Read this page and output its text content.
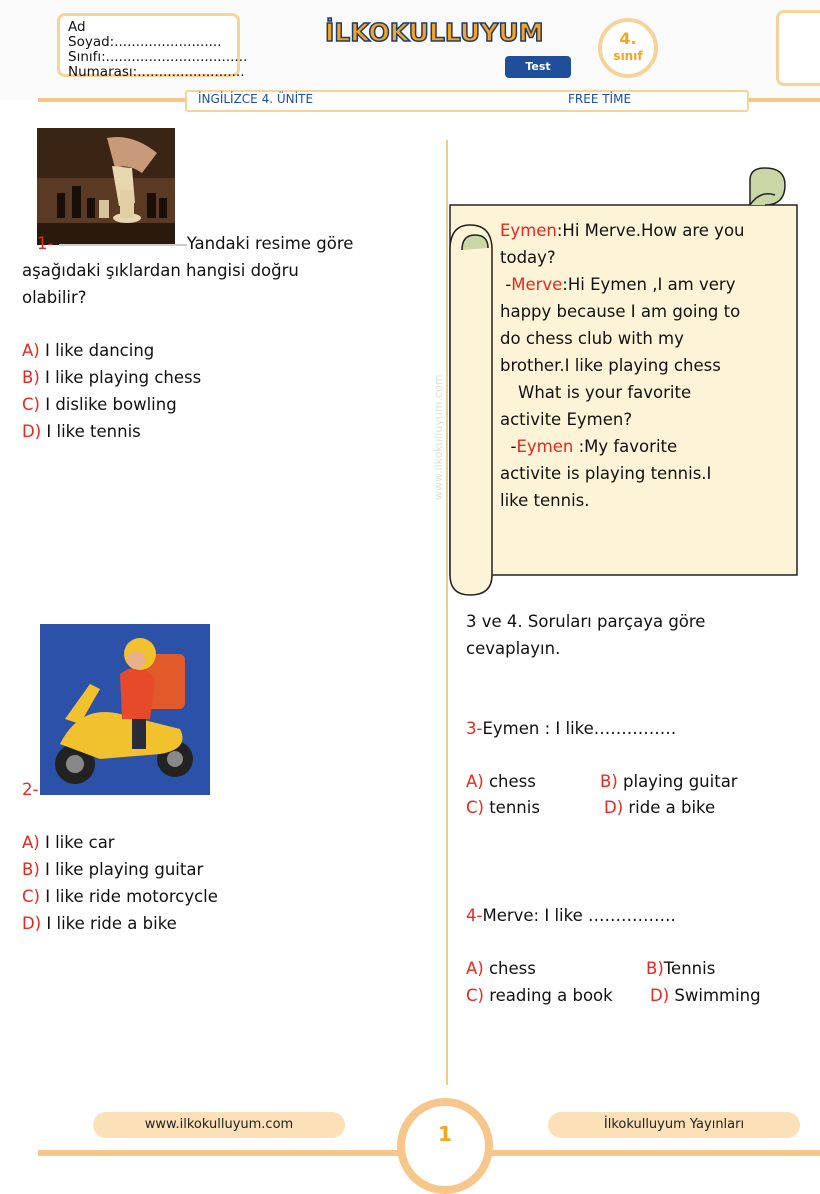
Ad Soyad:.........................
Sınıfı:.................................
Numarası:.........................
İLKOKULLUYUM
Test
4.
sınıf
İNGİLİZCE 4. ÜNİTE	FREE TİME
www.ilkokulluyum.com
1-	Yandaki resime göre
aşağıdaki şıklardan hangisi doğru
olabilir?
A) I like dancing
B) I like playing chess
C) I dislike bowling
D) I like tennis
2-
A) I like car
B) I like playing guitar
C) I like ride motorcycle
D) I like ride a bike
Eymen:Hi Merve.How are you
today?
-Merve:Hi Eymen ,I am very
happy because I am going to
do chess club with my
brother.I like playing chess
What is your favorite
activite Eymen?
-Eymen :My favorite
activite is playing tennis.I
like tennis.
3 ve 4. Soruları parçaya göre
cevaplayın.
3-Eymen : I like……………
A) chess	B) playing guitar
C) tennis	D) ride a bike
4-Merve: I like …………….
A) chess	B)Tennis
C) reading a book D) Swimming
1
www.ilkokulluyum.com	İlkokulluyum Yayınları
